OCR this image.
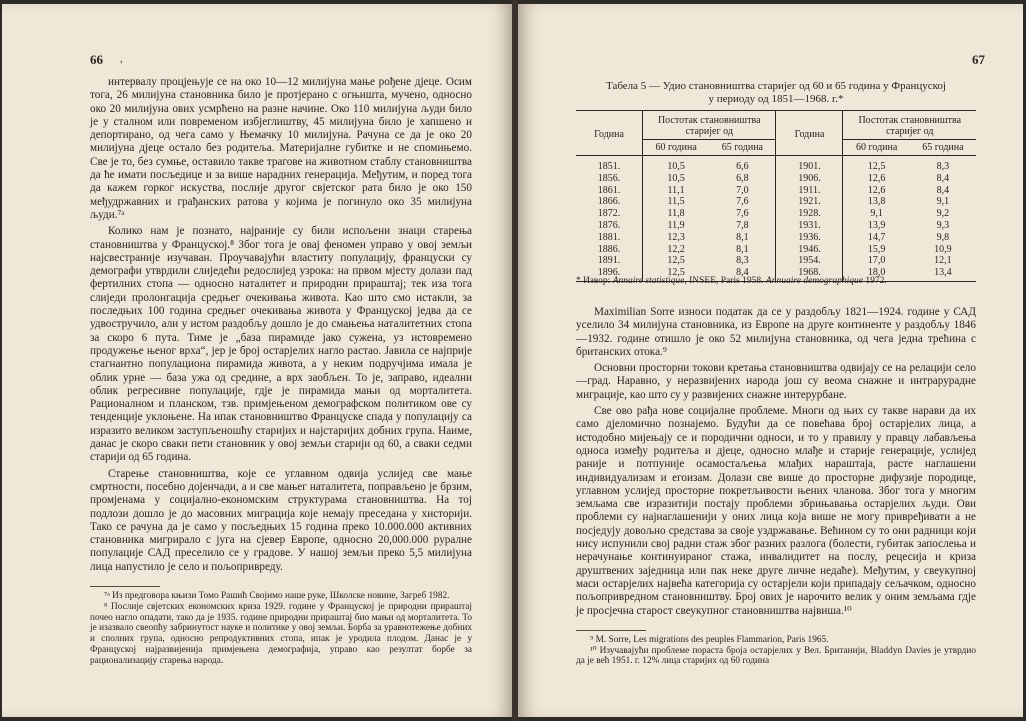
66 ,

интервалу процјењује се на око 10—12 милијуна мање рођене дјеце. Осим тога, 26 милијуна становника било је протјерано с огњишта, мучено, односно око 20 милијуна ових усмрћено на разне начине. Око 110 милијуна људи било је у сталном или повременом избјеглиштву, 45 милијуна било је хапшено и депортирано, од чега само у Њемачку 10 милијуна. Рачуна се да је око 20 милијуна дјеце остало без родитеља. Материјалне губитке и не спомињемо. Све је то, без сумње, оставило такве трагове на животном стаблу становништва да ће имати посљедице и за више нарадних генерација. Међутим, и поред тога да кажем горког искуства, послије другог свјетског рата било је око 150 међудржавних и грађанских ратова у којима је погинуло око 35 милијуна људи.⁷ᵃ

Колико нам је познато, најраније су били испољени знаци старења становништва у Француској.⁸ Због тога је овај феномен управо у овој земљи најсвестраније изучаван. Проучавајући властиту популацију, француски су демографи утврдили слиједећи редослијед узрока: на првом мјесту долази пад фертилних стопа — односно наталитет и природни прираштај; тек иза тога слиједи пролонгација средњег очекивања живота. Као што смо истакли, за последњих 100 година средњег очекивања живота у Француској једва да се удвостручило, али у истом раздобљу дошло је до смањења наталитетних стопа за скоро 6 пута. Тиме је „база пирамиде јако сужена, уз истовремено продужење њеног врха“, јер је број остарјелих нагло растао. Јавила се најприје стагнантно популациона пирамида живота, а у неким подручјима имала је облик урне — база ужа од средине, а врх заобљен. То је, заправо, идеални облик регресивне популације, гдје је пирамида мањи од морталитета. Рационалном и планском, тзв. примјењеном демографском политиком ове су тенденције уклоњене. На ипак становништво Француске спада у популацију са изразито великом заступљеношћу старијих и најстаријих добних група. Наиме, данас је скоро сваки пети становник у овој земљи старији од 60, а сваки седми старији од 65 година.

Старење становништва, које се углавном одвија услијед све мање смртности, посебно дојенчади, а и све мањег наталитета, поправљено је брзим, промјенама у социјално-економским структурама становништва. На тој подлози дошло је до масовних миграција које немају преседана у хисторији. Тако се рачуна да је само у посљедњих 15 година преко 10.000.000 активних становника мигрирало с југа на сјевер Европе, односно 20,000.000 руралне популације САД преселило се у градове. У нашој земљи преко 5,5 милијуна лица напустило је село и пољопривреду.

⁷ᵃ Из предговора књизи Томо Рашић Својимо наше руке, Школске новине, Загреб 1982.

⁸ Послије свјетских економских криза 1929. године у Француској је природни прираштај почео нагло опадати, тако да је 1935. године природни прираштај био мањи од морталитета. То је изазвало свеопћу забринутост науке и политике у овој земљи. Борба за уравнотежење добних и сполних група, односно репродуктивних стопа, ипак је уродила плодом. Данас је у Француској најразвијенија примјењена демографија, управо као резултат борбе за рационализацију старења народа.

67
Табела 5 — Удио становништва старијег од 60 и 65 година у Француској
у периоду од 1851—1968. г.*
Година	Постотак становништва старијег од		Година	Постотак становништва старијег од	
	60 година	65 година		60 година	65 година
1851.	10,5	6,6	1901.	12,5	8,3
1856.	10,5	6,8	1906.	12,6	8,4
1861.	11,1	7,0	1911.	12,6	8,4
1866.	11,5	7,6	1921.	13,8	9,1
1872.	11,8	7,6	1928.	9,1	9,2
1876.	11,9	7,8	1931.	13,9	9,3
1881.	12,3	8,1	1936.	14,7	9,8
1886.	12,2	8,1	1946.	15,9	10,9
1891.	12,5	8,3	1954.	17,0	12,1
1896.	12,5	8,4	1968.	18,0	13,4
* Извор: Annaire statistique, INSEE, Paris 1958. Annuaire demographique 1972.

Maximilian Sorre износи податак да се у раздобљу 1821—1924. године у САД уселило 34 милијуна становника, из Европе на друге континенте у раздобљу 1846—1932. године отишло је око 52 милијуна становника, од чега једна трећина с британских отока.⁹

Основни просторни токови кретања становништва одвијају се на релацији село—град. Наравно, у неразвијених народа још су веома снажне и интрарурадне миграције, као што су у развијених снажне интерурбане.

Све ово рађа нове социјалне проблеме. Многи од њих су такве нарави да их само дјеломично познајемо. Будући да се повећава број остарјелих лица, а истодобно мијењају се и породични односи, и то у правилу у правцу лабављења односа између родитеља и дјеце, односно млађе и старије генерације, услијед раније и потпуније осамостаљења млађих нараштаја, расте наглашени индивидуализам и егоизам. Долази све више до просторне дифузије породице, углавном услијед просторне покретљивости њених чланова. Због тога у многим земљама све изразитији постају проблеми збрињавања остарјелих људи. Ови проблеми су најнаглашенији у оних лица која више не могу привређивати а не посједују довољно средстава за своје уздржавање. Већином су то они радници који нису испунили свој радни стаж због разних разлога (болести, губитак запослења и нерачунање континуираног стажа, инвалидитет на послу, рецесија и криза друштвених заједница или пак неке друге личне недаће). Међутим, у свеукупној маси остарјелих највећа категорија су остарјели који припадају сељачком, односно пољопривредном становништву. Број ових је нарочито велик у оним земљама гдје је просјечна старост свеукупног становништва највиша.¹⁰

⁹ M. Sorre, Les migrations des peuples Flammarion, Paris 1965.

¹⁰ Изучавајући проблеме пораста броја остарјелих у Вел. Британији, Bladdyn Davies је утврдио да је већ 1951. г. 12% лица старијих од 60 година
